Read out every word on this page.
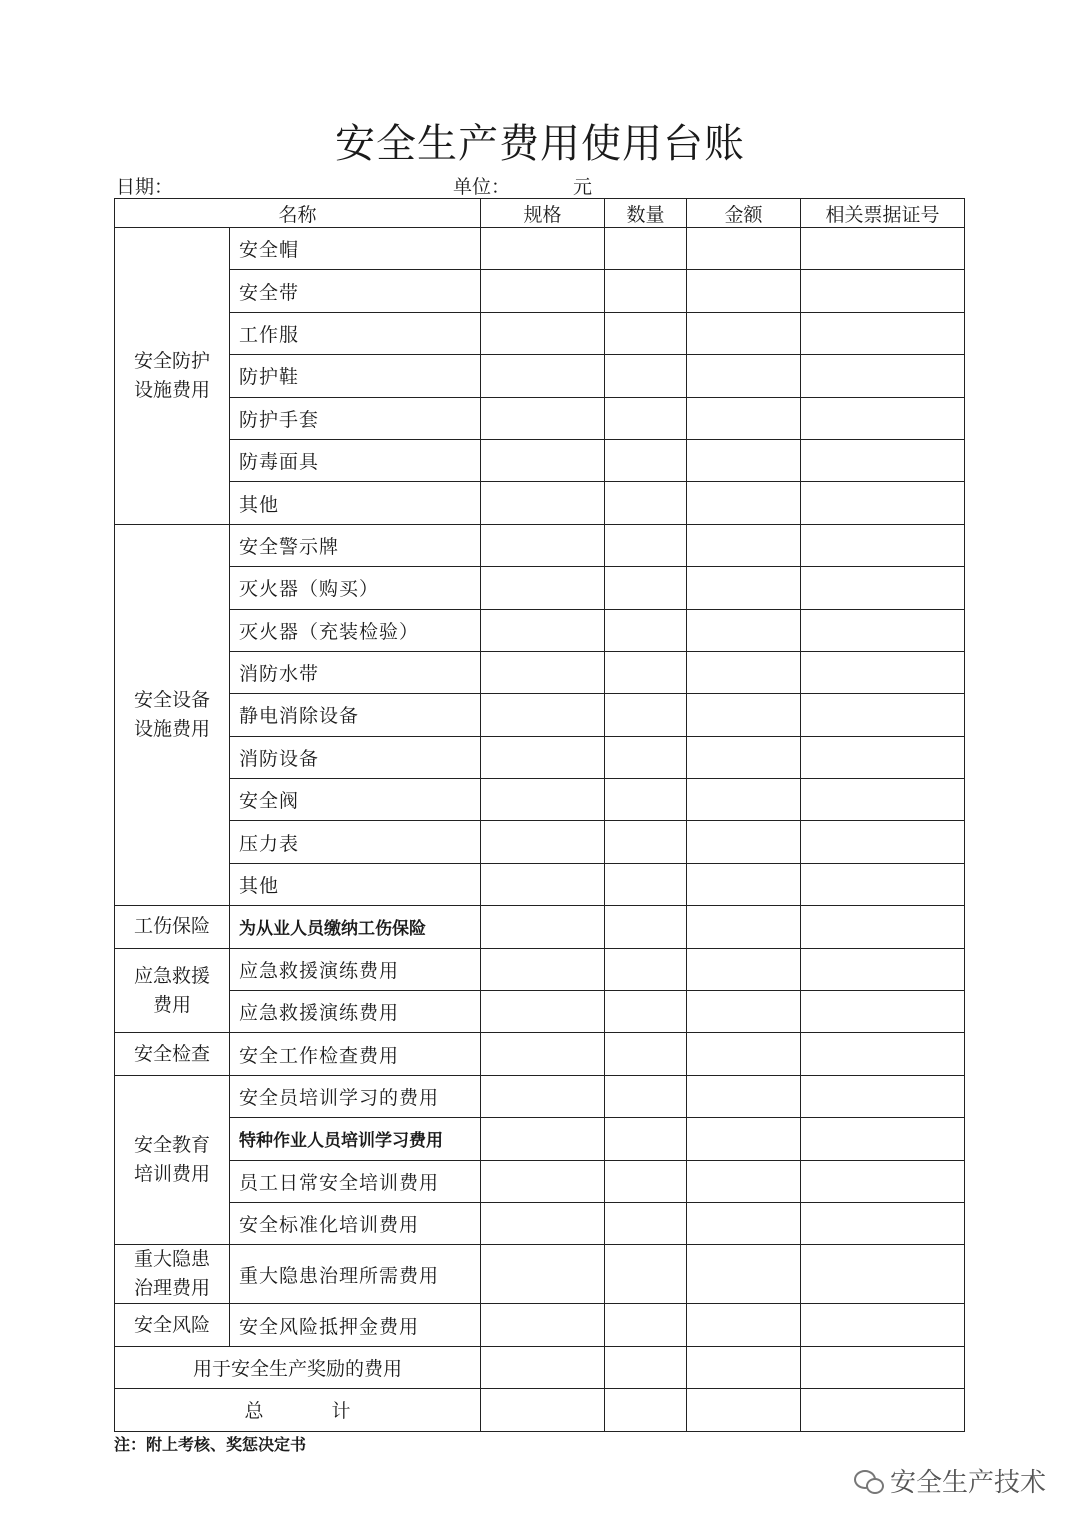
安全生产费用使用台账
日期：	单位：	元
名称		规格	数量	金额	相关票据证号

安全防护设施费用	安全帽				
	安全带				
	工作服				
	防护鞋				
	防护手套				
	防毒面具				
	其他				

安全设备设施费用	安全警示牌				
	灭火器（购买）				
	灭火器（充装检验）				
	消防水带				
	静电消除设备				
	消防设备				
	安全阀				
	压力表				
	其他				
工伤保险	为从业人员缴纳工伤保险				

应急救援费用	应急救援演练费用				
	应急救援演练费用				
安全检查	安全工作检查费用				

安全教育培训费用	安全员培训学习的费用				
	特种作业人员培训学习费用				
	员工日常安全培训费用				
	安全标准化培训费用				

重大隐患治理费用	重大隐患治理所需费用				
安全风险	安全风险抵押金费用				
用于安全生产奖励的费用					
总计					
注：附上考核、奖惩决定书
安全生产技术
